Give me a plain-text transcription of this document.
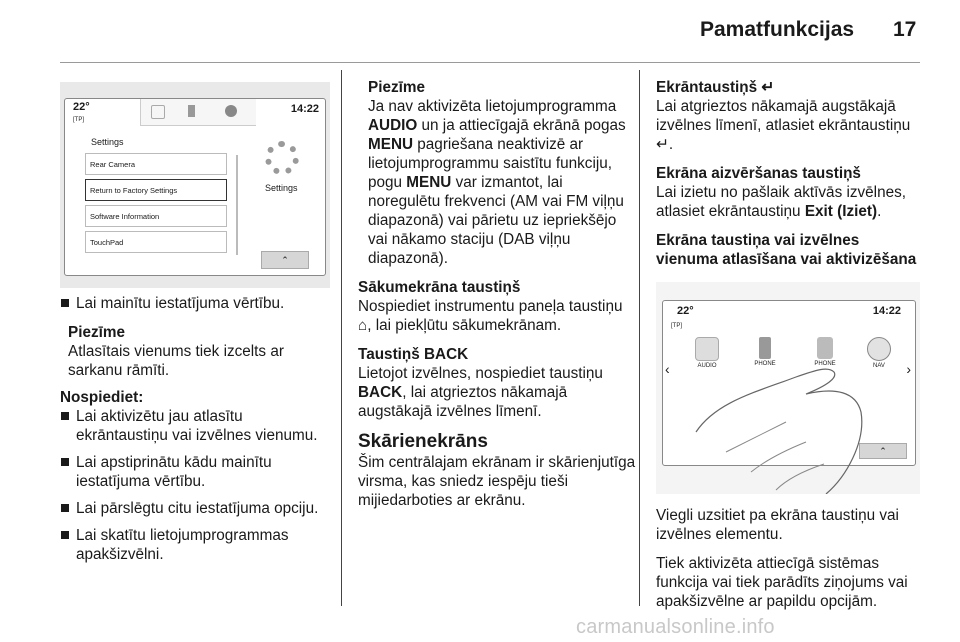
Pamatfunkcijas 17
22°
[TP]
14:22
Settings
Rear Camera
Return to Factory Settings
Software Information
TouchPad
Settings
⌃
Lai mainītu iestatījuma vērtību.

Piezīme

Atlasītais vienums tiek izcelts ar sarkanu rāmīti.

Nospiediet:

Lai aktivizētu jau atlasītu ekrāntaustiņu vai izvēlnes vienumu.
Lai apstiprinātu kādu mainītu iestatījuma vērtību.
Lai pārslēgtu citu iestatījuma opciju.
Lai skatītu lietojumprogrammas apakšizvēlni.

Piezīme

Ja nav aktivizēta lietojumprogramma AUDIO un ja attiecīgajā ekrānā pogas MENU pagriešana neaktivizē ar lietojumprogrammu saistītu funkciju, pogu MENU var izmantot, lai noregulētu frekvenci (AM vai FM viļņu diapazonā) vai pārietu uz iepriekšējo vai nākamo staciju (DAB viļņu diapazonā).

Sākumekrāna taustiņš

Nospiediet instrumentu paneļa taustiņu ⌂, lai piekļūtu sākumekrānam.

Taustiņš BACK

Lietojot izvēlnes, nospiediet taustiņu BACK, lai atgrieztos nākamajā augstākajā izvēlnes līmenī.

Skārienekrāns

Šim centrālajam ekrānam ir skārienjutīga virsma, kas sniedz iespēju tieši mijiedarboties ar ekrānu.

Ekrāntaustiņš ↵

Lai atgrieztos nākamajā augstākajā izvēlnes līmenī, atlasiet ekrāntaustiņu ↵.

Ekrāna aizvēršanas taustiņš

Lai izietu no pašlaik aktīvās izvēlnes, atlasiet ekrāntaustiņu Exit (Iziet).

Ekrāna taustiņa vai izvēlnes vienuma atlasīšana vai aktivizēšana

22°
[TP]
14:22
‹	›
AUDIO	PHONE	PHONE	NAV
⌃

Viegli uzsitiet pa ekrāna taustiņu vai izvēlnes elementu.

Tiek aktivizēta attiecīgā sistēmas funkcija vai tiek parādīts ziņojums vai apakšizvēlne ar papildu opcijām.

carmanualsonline.info
